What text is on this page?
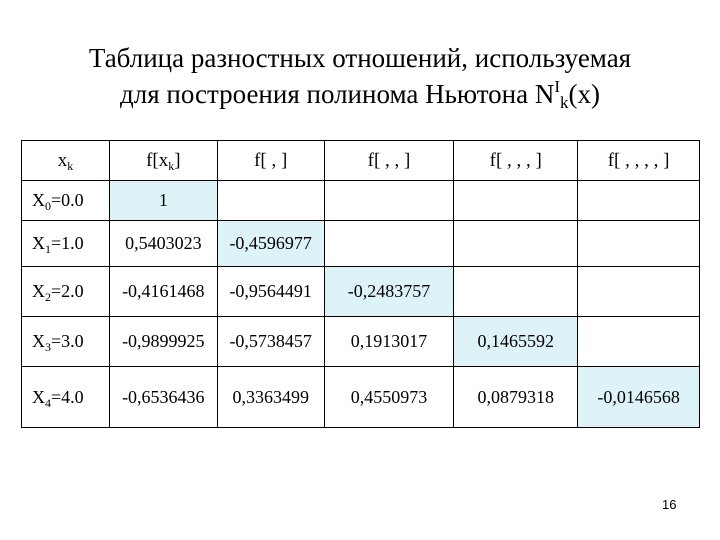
Таблица разностных отношений, используемая
для построения полинома Ньютона $N^I_k(x)$
$x_k$	$f[x_k]$	f[ , ]	f[ , , ]	f[ , , , ]	f[ , , , , ]
$X_0=0.0$	1				
$X_1=1.0$	0,5403023	-0,4596977			
$X_2=2.0$	-0,4161468	-0,9564491	-0,2483757		
$X_3=3.0$	-0,9899925	-0,5738457	0,1913017	0,1465592	
$X_4=4.0$	-0,6536436	0,3363499	0,4550973	0,0879318	-0,0146568
16
